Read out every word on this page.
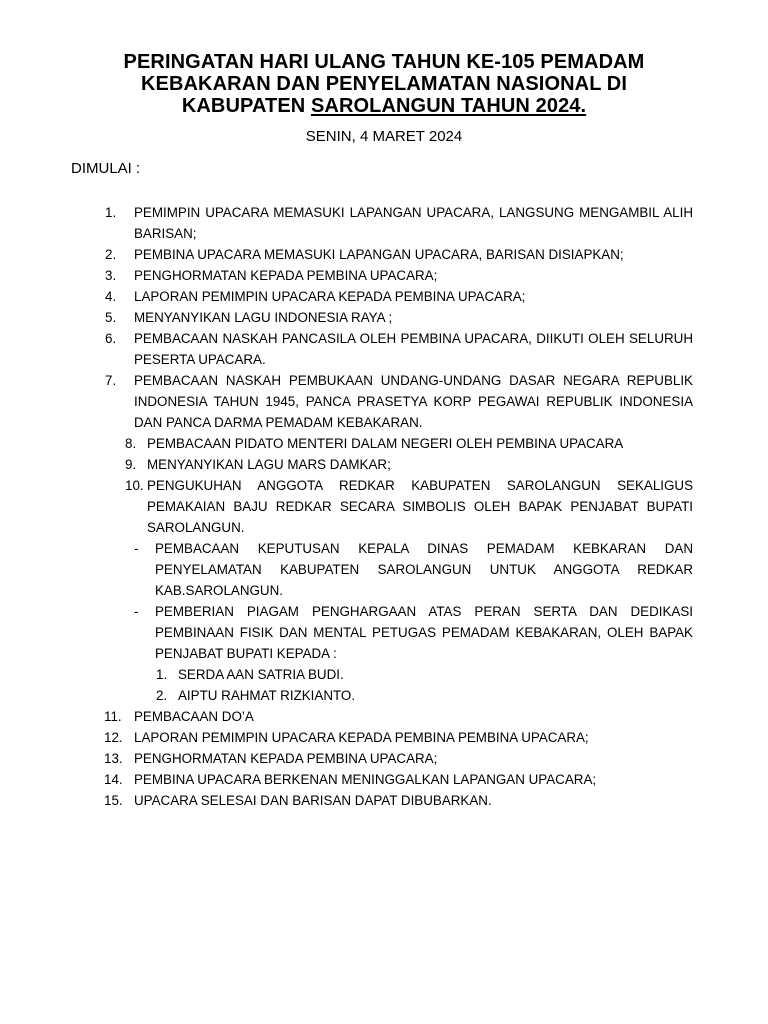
PERINGATAN HARI ULANG TAHUN KE-105 PEMADAM
KEBAKARAN DAN PENYELAMATAN NASIONAL DI
KABUPATEN SAROLANGUN TAHUN 2024.
SENIN, 4 MARET 2024
DIMULAI :
1. PEMIMPIN UPACARA MEMASUKI LAPANGAN UPACARA, LANGSUNG MENGAMBIL ALIH BARISAN;
2. PEMBINA UPACARA MEMASUKI LAPANGAN UPACARA, BARISAN DISIAPKAN;
3. PENGHORMATAN KEPADA PEMBINA UPACARA;
4. LAPORAN PEMIMPIN UPACARA KEPADA PEMBINA UPACARA;
5. MENYANYIKAN LAGU INDONESIA RAYA ;
6. PEMBACAAN NASKAH PANCASILA OLEH PEMBINA UPACARA, DIIKUTI OLEH SELURUH PESERTA UPACARA.
7. PEMBACAAN NASKAH PEMBUKAAN UNDANG-UNDANG DASAR NEGARA REPUBLIK INDONESIA TAHUN 1945, PANCA PRASETYA KORP PEGAWAI REPUBLIK INDONESIA DAN PANCA DARMA PEMADAM KEBAKARAN.
8. PEMBACAAN PIDATO MENTERI DALAM NEGERI OLEH PEMBINA UPACARA
9. MENYANYIKAN LAGU MARS DAMKAR;
10. PENGUKUHAN ANGGOTA REDKAR KABUPATEN SAROLANGUN SEKALIGUS PEMAKAIAN BAJU REDKAR SECARA SIMBOLIS OLEH BAPAK PENJABAT BUPATI SAROLANGUN.
- PEMBACAAN KEPUTUSAN KEPALA DINAS PEMADAM KEBKARAN DAN PENYELAMATAN KABUPATEN SAROLANGUN UNTUK ANGGOTA REDKAR KAB.SAROLANGUN.
- PEMBERIAN PIAGAM PENGHARGAAN ATAS PERAN SERTA DAN DEDIKASI PEMBINAAN FISIK DAN MENTAL PETUGAS PEMADAM KEBAKARAN, OLEH BAPAK PENJABAT BUPATI KEPADA :
1. SERDA AAN SATRIA BUDI.
2. AIPTU RAHMAT RIZKIANTO.
11. PEMBACAAN DO’A
12. LAPORAN PEMIMPIN UPACARA KEPADA PEMBINA PEMBINA UPACARA;
13. PENGHORMATAN KEPADA PEMBINA UPACARA;
14. PEMBINA UPACARA BERKENAN MENINGGALKAN LAPANGAN UPACARA;
15. UPACARA SELESAI DAN BARISAN DAPAT DIBUBARKAN.
